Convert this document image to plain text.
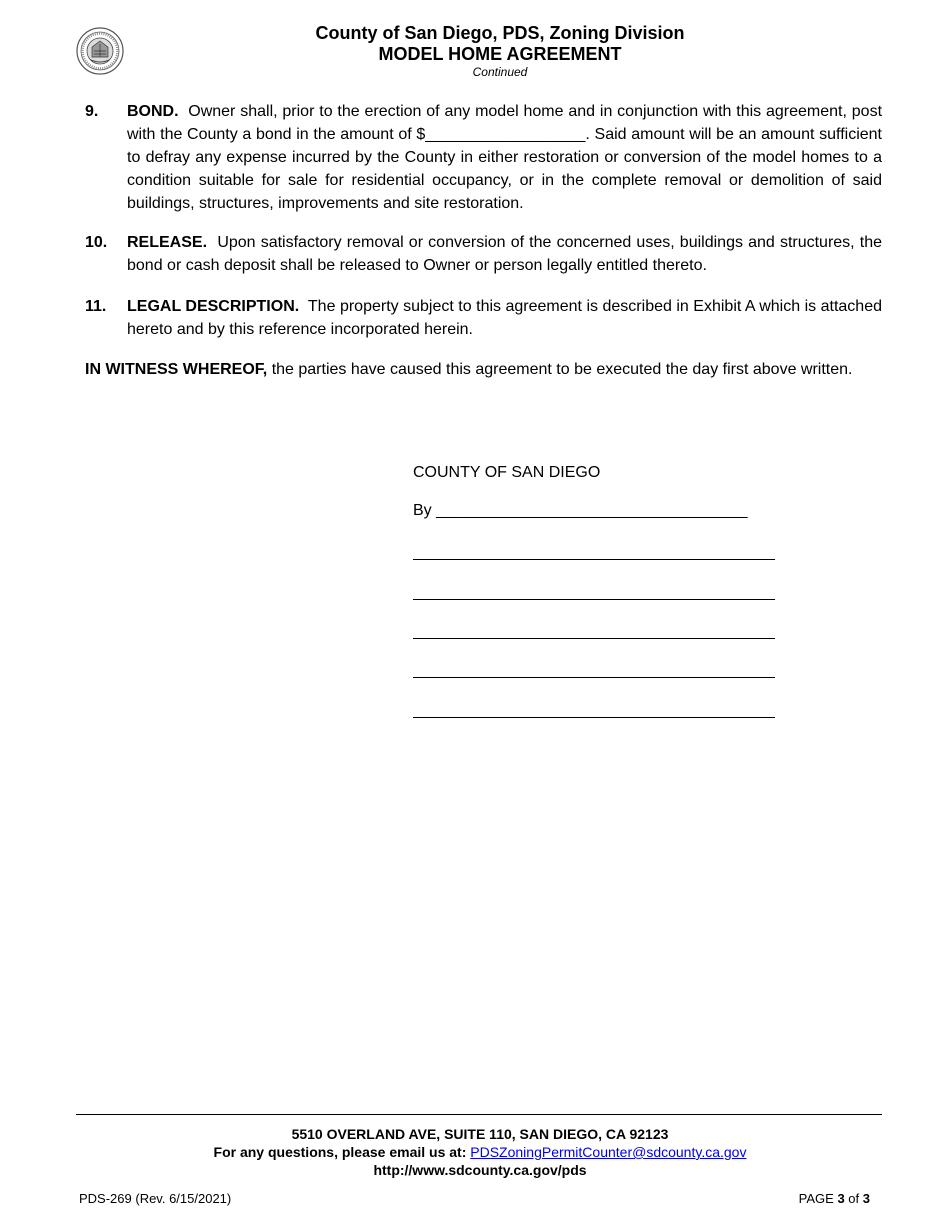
County of San Diego, PDS, Zoning Division
MODEL HOME AGREEMENT
Continued
9. BOND. Owner shall, prior to the erection of any model home and in conjunction with this agreement, post with the County a bond in the amount of $__________________. Said amount will be an amount sufficient to defray any expense incurred by the County in either restoration or conversion of the model homes to a condition suitable for sale for residential occupancy, or in the complete removal or demolition of said buildings, structures, improvements and site restoration.
10. RELEASE. Upon satisfactory removal or conversion of the concerned uses, buildings and structures, the bond or cash deposit shall be released to Owner or person legally entitled thereto.
11. LEGAL DESCRIPTION. The property subject to this agreement is described in Exhibit A which is attached hereto and by this reference incorporated herein.
IN WITNESS WHEREOF, the parties have caused this agreement to be executed the day first above written.
COUNTY OF SAN DIEGO
By ___________________________________
5510 OVERLAND AVE, SUITE 110, SAN DIEGO, CA 92123
For any questions, please email us at: PDSZoningPermitCounter@sdcounty.ca.gov
http://www.sdcounty.ca.gov/pds
PDS-269 (Rev. 6/15/2021)	PAGE 3 of 3
